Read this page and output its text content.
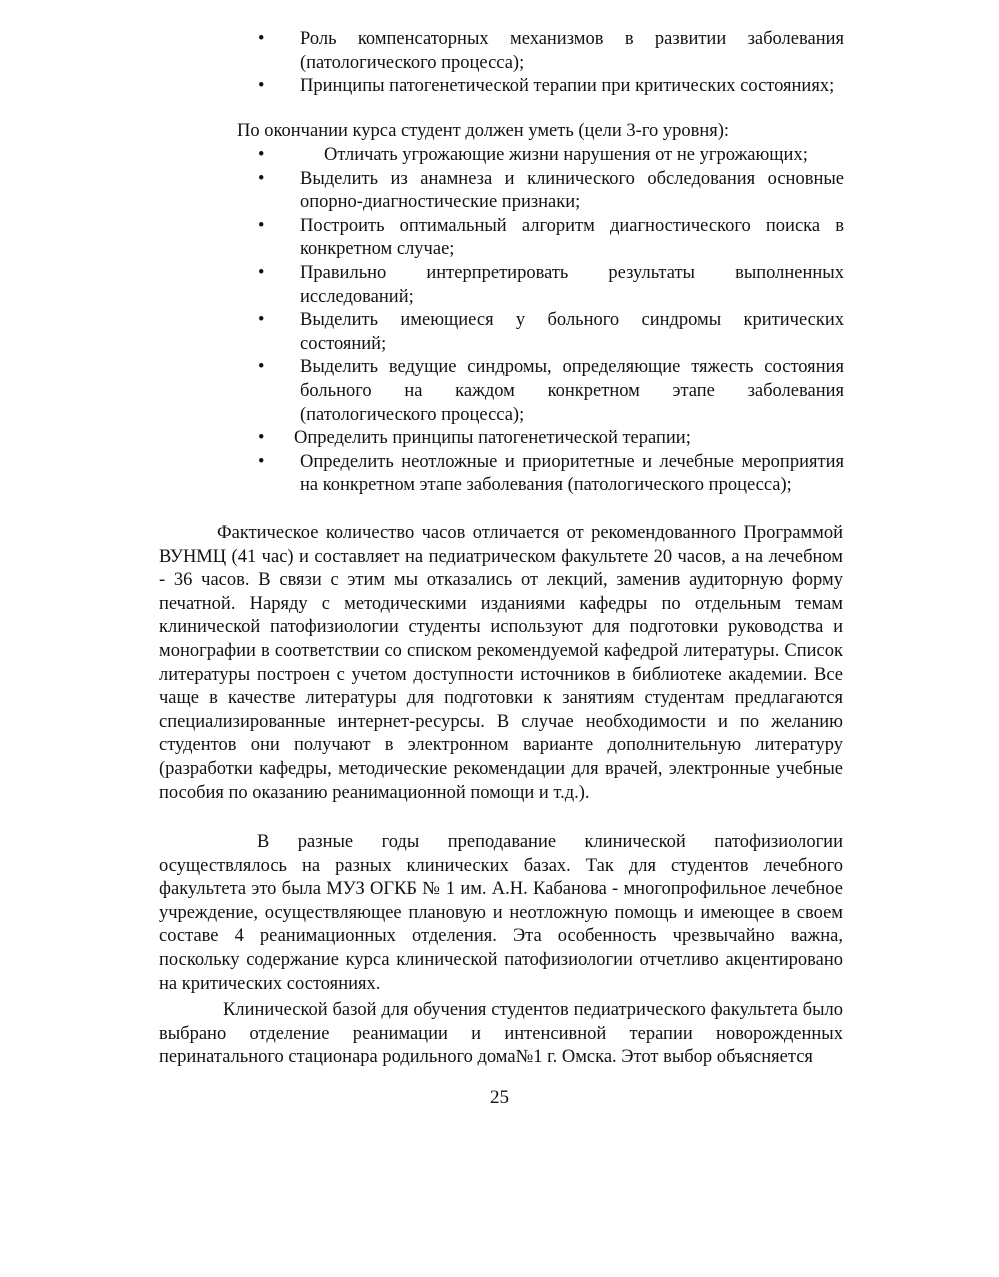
• Роль компенсаторных механизмов в развитии заболевания (патологического процесса);
• Принципы патогенетической терапии при критических состояниях;
По окончании курса студент должен уметь (цели 3-го уровня):
•	Отличать угрожающие жизни нарушения от не угрожающих;
• Выделить из анамнеза и клинического обследования основные опорно-диагностические признаки;
• Построить оптимальный алгоритм диагностического поиска в конкретном случае;
• Правильно интерпретировать результаты выполненных исследований;
• Выделить имеющиеся у больного синдромы критических состояний;
• Выделить ведущие синдромы, определяющие тяжесть состояния больного на каждом конкретном этапе заболевания (патологического процесса);
• Определить принципы патогенетической терапии;
• Определить неотложные и приоритетные и лечебные мероприятия на конкретном этапе заболевания (патологического процесса);

Фактическое количество часов отличается от рекомендованного Программой ВУНМЦ (41 час) и составляет на педиатрическом факультете 20 часов, а на лечебном - 36 часов. В связи с этим мы отказались от лекций, заменив аудиторную форму печатной. Наряду с методическими изданиями кафедры по отдельным темам клинической патофизиологии студенты используют для подготовки руководства и монографии в соответствии со списком рекомендуемой кафедрой литературы. Список литературы построен с учетом доступности источников в библиотеке академии. Все чаще в качестве литературы для подготовки к занятиям студентам предлагаются специализированные интернет-ресурсы. В случае необходимости и по желанию студентов они получают в электронном варианте дополнительную литературу (разработки кафедры, методические рекомендации для врачей, электронные учебные пособия по оказанию реанимационной помощи и т.д.).

В разные годы преподавание клинической патофизиологии осуществлялось на разных клинических базах. Так для студентов лечебного факультета это была МУЗ ОГКБ № 1 им. А.Н. Кабанова - многопрофильное лечебное учреждение, осуществляющее плановую и неотложную помощь и имеющее в своем составе 4 реанимационных отделения. Эта особенность чрезвычайно важна, поскольку содержание курса клинической патофизиологии отчетливо акцентировано на критических состояниях.

Клинической базой для обучения студентов педиатрического факультета было выбрано отделение реанимации и интенсивной терапии новорожденных перинатального стационара родильного дома№1 г. Омска. Этот выбор объясняется

25
